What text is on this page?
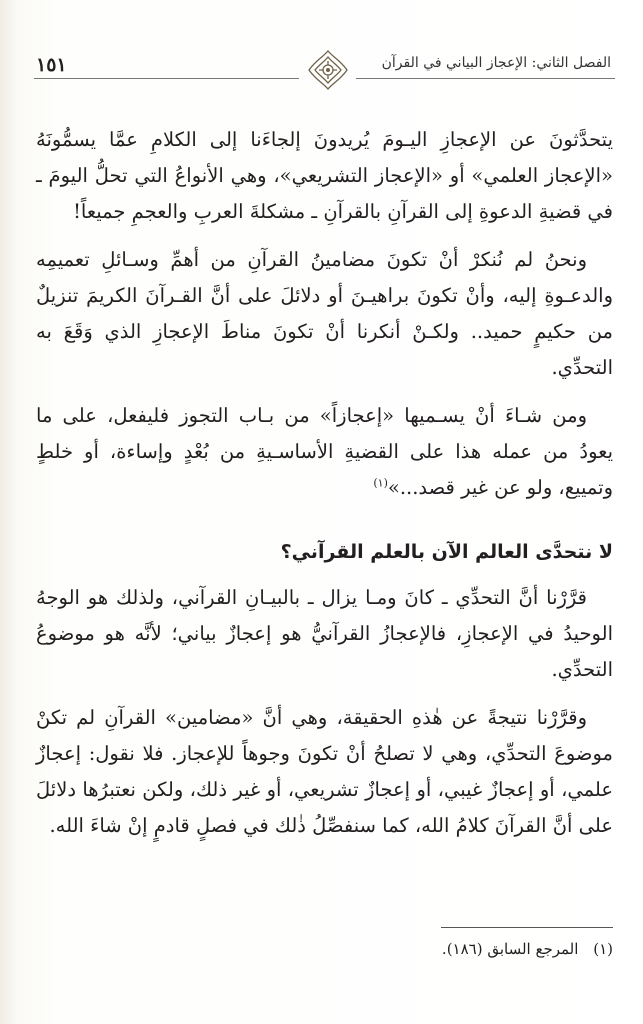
١٥١	الفصل الثاني: الإعجاز البياني في القرآن

يتحدَّثونَ عن الإعجازِ اليـومَ يُريدونَ إلجاءَنا إلى الكلامِ عمَّا يسمُّونَهُ «الإعجاز العلمي» أو «الإعجاز التشريعي»، وهي الأنواعُ التي تحلُّ اليومَ ـ في قضيةِ الدعوةِ إلى القرآنِ بالقرآنِ ـ مشكلةَ العربِ والعجمِ جميعاً!

ونحنُ لم نُنكرْ أنْ تكونَ مضامينُ القرآنِ من أهمِّ وسـائلِ تعميمِه والدعـوةِ إليه، وأنْ تكونَ براهيـنَ أو دلائلَ على أنَّ القـرآنَ الكريمَ تنزيلٌ من حكيمٍ حميد.. ولكـنْ أنكرنا أنْ تكونَ مناطَ الإعجازِ الذي وَقَعَ به التحدِّي.

ومن شـاءَ أنْ يسـميها «إعجازاً» من بـاب التجوز فليفعل، على ما يعودُ من عمله هذا على القضيةِ الأساسـيةِ من بُعْدٍ وإساءة، أو خلطٍ وتمييع، ولو عن غير قصد...»$^{(١)}$

لا نتحدَّى العالم الآن بالعلم القرآني؟

قرَّرْنا أنَّ التحدِّي ـ كانَ ومـا يزال ـ بالبيـانِ القرآني، ولذلك هو الوجهُ الوحيدُ في الإعجازِ، فالإعجازُ القرآنيُّ هو إعجازٌ بياني؛ لأنَّه هو موضوعُ التحدِّي.

وقرَّرْنا نتيجةً عن هٰذهِ الحقيقة، وهي أنَّ «مضامين» القرآنِ لم تكنْ موضوعَ التحدِّي، وهي لا تصلحُ أنْ تكونَ وجوهاً للإعجاز. فلا نقول: إعجازٌ علمي، أو إعجازٌ غيبي، أو إعجازٌ تشريعي، أو غير ذلك، ولكن نعتبرُها دلائلَ على أنَّ القرآنَ كلامُ الله، كما سنفصِّلُ ذٰلك في فصلٍ قادمٍ إنْ شاءَ الله.

(١) المرجع السابق (١٨٦).
